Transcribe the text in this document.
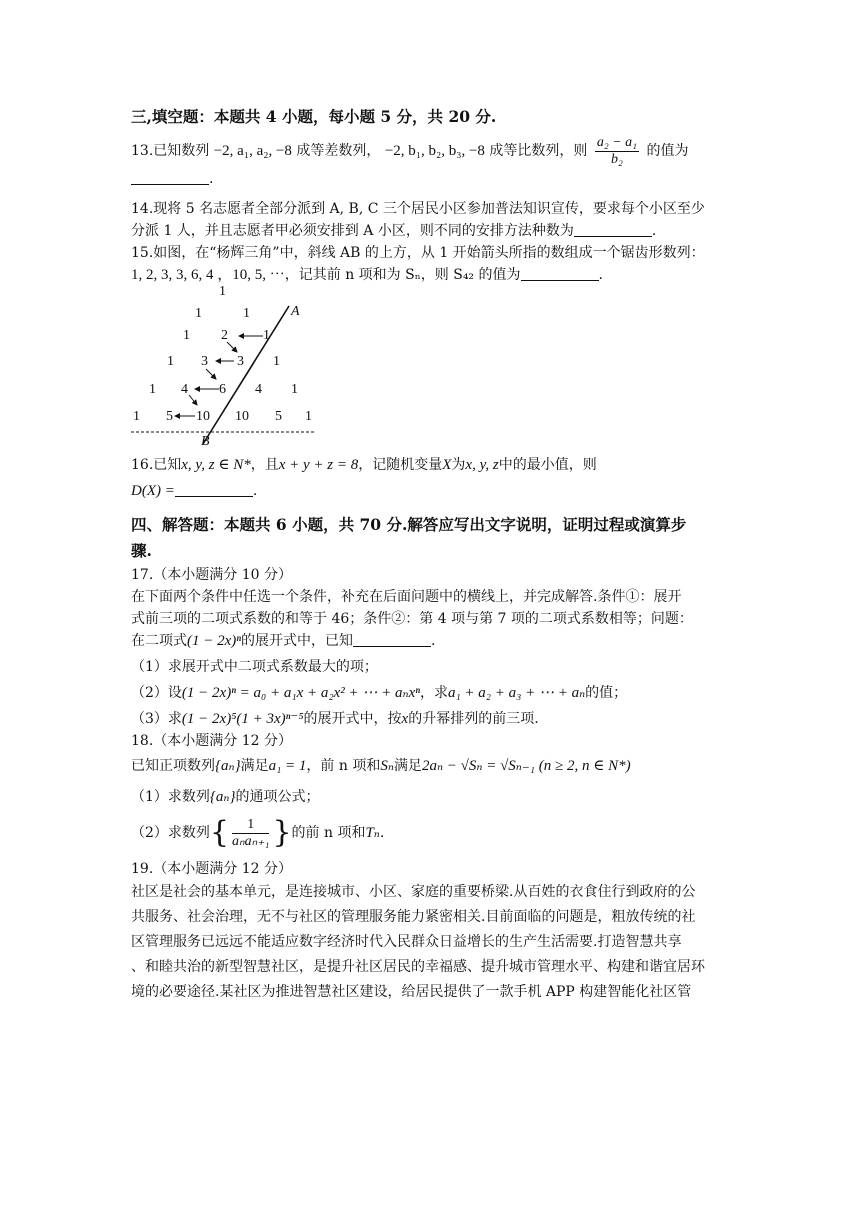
三,填空题：本题共 4 小题，每小题 5 分，共 20 分.
13.已知数列 −2, a₁, a₂, −8 成等差数列， −2, b₁, b₂, b₃, −8 成等比数列，则 $\frac{\text{a₂ − a₁}}{\text{b₂}}$ 的值为
.
14.现将 5 名志愿者全部分派到 A, B, C 三个居民小区参加普法知识宣传，要求每个小区至少
分派 1 人，并且志愿者甲必须安排到 A 小区，则不同的安排方法种数为	.
15.如图，在“杨辉三角”中，斜线 AB 的上方，从 1 开始箭头所指的数组成一个锯齿形数列：
1, 2, 3, 3, 6, 4 ，10, 5, ⋯，记其前 n 项和为 Sₙ，则 S₄₂ 的值为	.
1
1	1	A
1 2	1
1 3 3 1
1 4 6 4 1
1 5 10 10 5 1
B
16.已知x, y, z ∈ N*，且x + y + z = 8，记随机变量X为x, y, z中的最小值，则
D(X) =	.
四、解答题：本题共 6 小题，共 70 分.解答应写出文字说明，证明过程或演算步
骤.
17.（本小题满分 10 分）
在下面两个条件中任选一个条件，补充在后面问题中的横线上，并完成解答.条件①：展开
式前三项的二项式系数的和等于 46；条件②：第 4 项与第 7 项的二项式系数相等；问题：
在二项式(1 − 2x)ⁿ的展开式中，已知	.
（1）求展开式中二项式系数最大的项；
（2）设(1 − 2x)ⁿ = a₀ + a₁x + a₂x² + ⋯ + aₙxⁿ，求a₁ + a₂ + a₃ + ⋯ + aₙ的值；
（3）求(1 − 2x)⁵(1 + 3x)ⁿ⁻⁵的展开式中，按x的升幂排列的前三项.
18.（本小题满分 12 分）
已知正项数列{aₙ}满足a₁ = 1，前 n 项和Sₙ满足2aₙ − √Sₙ = √Sₙ₋₁ (n ≥ 2, n ∈ N*)
（1）求数列{aₙ}的通项公式；
（2）求数列{ $\frac{1}{\text{aₙaₙ₊₁}}$ }的前 n 项和Tₙ.
19.（本小题满分 12 分）
社区是社会的基本单元，是连接城市、小区、家庭的重要桥梁.从百姓的衣食住行到政府的公
共服务、社会治理，无不与社区的管理服务能力紧密相关.目前面临的问题是，粗放传统的社
区管理服务已远远不能适应数字经济时代入民群众日益增长的生产生活需要.打造智慧共享
、和睦共治的新型智慧社区，是提升社区居民的幸福感、提升城市管理水平、构建和谐宜居环
境的必要途径.某社区为推进智慧社区建设，给居民提供了一款手机 APP 构建智能化社区管
